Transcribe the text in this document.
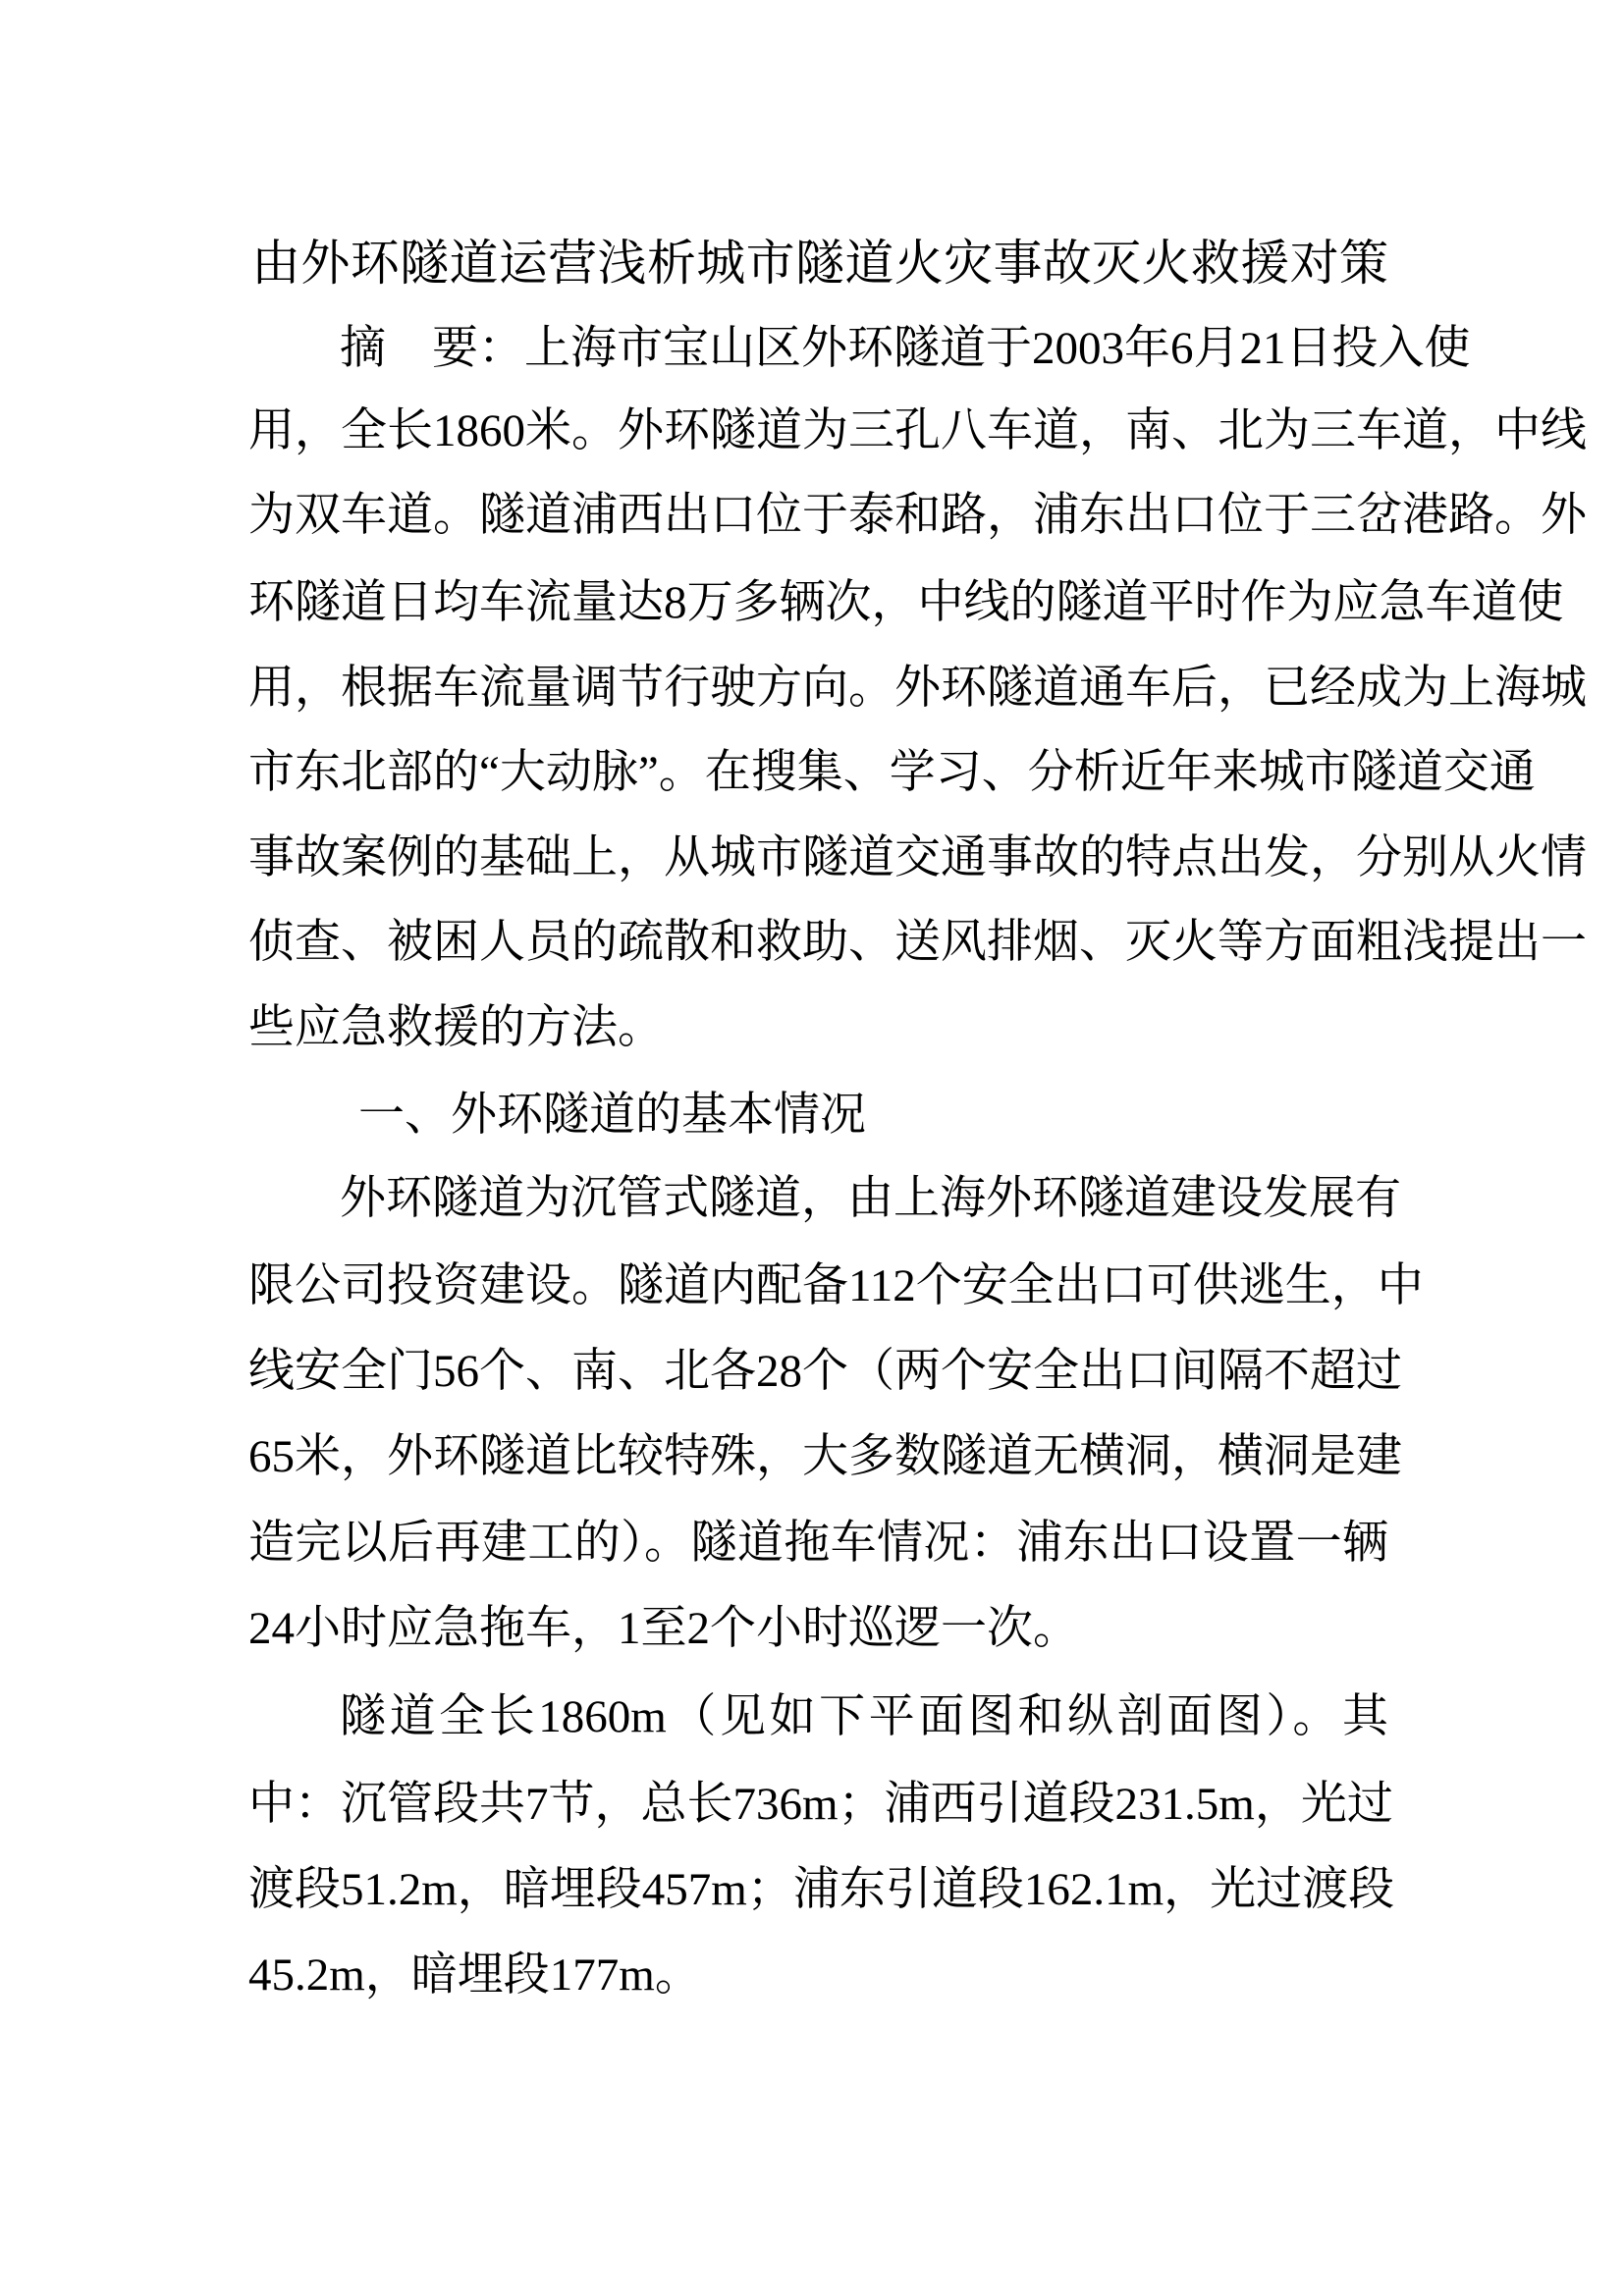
由外环隧道运营浅析城市隧道火灾事故灭火救援对策
摘　要：上海市宝山区外环隧道于2003年6月21日投入使
用，全长1860米。外环隧道为三孔八车道，南、北为三车道，中线
为双车道。隧道浦西出口位于泰和路，浦东出口位于三岔港路。外
环隧道日均车流量达8万多辆次，中线的隧道平时作为应急车道使
用，根据车流量调节行驶方向。外环隧道通车后，已经成为上海城
市东北部的“大动脉”。在搜集、学习、分析近年来城市隧道交通
事故案例的基础上，从城市隧道交通事故的特点出发，分别从火情
侦查、被困人员的疏散和救助、送风排烟、灭火等方面粗浅提出一
些应急救援的方法。
一、外环隧道的基本情况
外环隧道为沉管式隧道，由上海外环隧道建设发展有
限公司投资建设。隧道内配备112个安全出口可供逃生，中
线安全门56个、南、北各28个（两个安全出口间隔不超过
65米，外环隧道比较特殊，大多数隧道无横洞，横洞是建
造完以后再建工的）。隧道拖车情况：浦东出口设置一辆
24小时应急拖车，1至2个小时巡逻一次。
隧道全长1860m（见如下平面图和纵剖面图）。其
中：沉管段共7节，总长736m；浦西引道段231.5m，光过
渡段51.2m，暗埋段457m；浦东引道段162.1m，光过渡段
45.2m，暗埋段177m。
